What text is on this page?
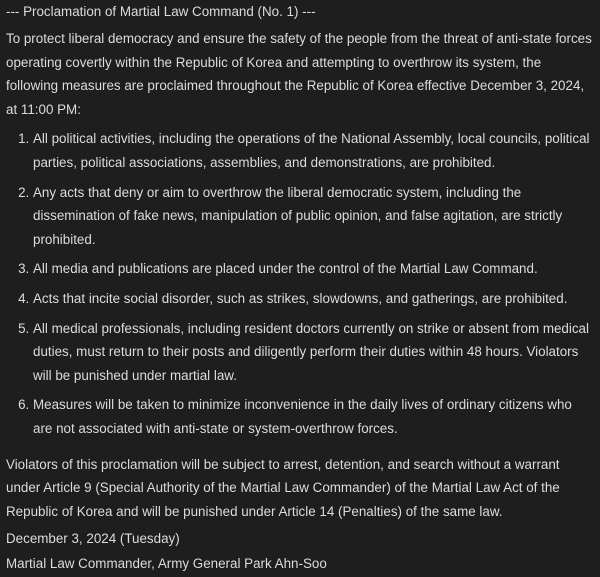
--- Proclamation of Martial Law Command (No. 1) ---

To protect liberal democracy and ensure the safety of the people from the threat of anti-state forces operating covertly within the Republic of Korea and attempting to overthrow its system, the following measures are proclaimed throughout the Republic of Korea effective December 3, 2024, at 11:00 PM:

1. All political activities, including the operations of the National Assembly, local councils, political parties, political associations, assemblies, and demonstrations, are prohibited.
2. Any acts that deny or aim to overthrow the liberal democratic system, including the dissemination of fake news, manipulation of public opinion, and false agitation, are strictly prohibited.
3. All media and publications are placed under the control of the Martial Law Command.
4. Acts that incite social disorder, such as strikes, slowdowns, and gatherings, are prohibited.
5. All medical professionals, including resident doctors currently on strike or absent from medical duties, must return to their posts and diligently perform their duties within 48 hours. Violators will be punished under martial law.
6. Measures will be taken to minimize inconvenience in the daily lives of ordinary citizens who are not associated with anti-state or system-overthrow forces.

Violators of this proclamation will be subject to arrest, detention, and search without a warrant under Article 9 (Special Authority of the Martial Law Commander) of the Martial Law Act of the Republic of Korea and will be punished under Article 14 (Penalties) of the same law.

December 3, 2024 (Tuesday)

Martial Law Commander, Army General Park Ahn-Soo
